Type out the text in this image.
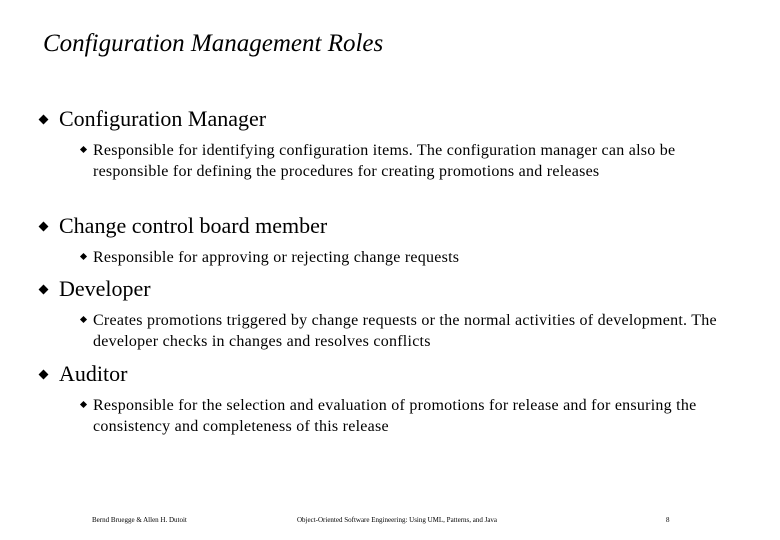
Configuration Management Roles
Configuration Manager
Responsible for identifying configuration items. The configuration manager can also be responsible for defining the procedures for creating promotions and releases
Change control board member
Responsible for approving or rejecting change requests
Developer
Creates promotions triggered by change requests or the normal activities of development. The developer checks in changes and resolves conflicts
Auditor
Responsible for the selection and evaluation of promotions for release and for ensuring the consistency and completeness of this release
Bernd Bruegge & Allen H. Dutoit	Object-Oriented Software Engineering: Using UML, Patterns, and Java	8
